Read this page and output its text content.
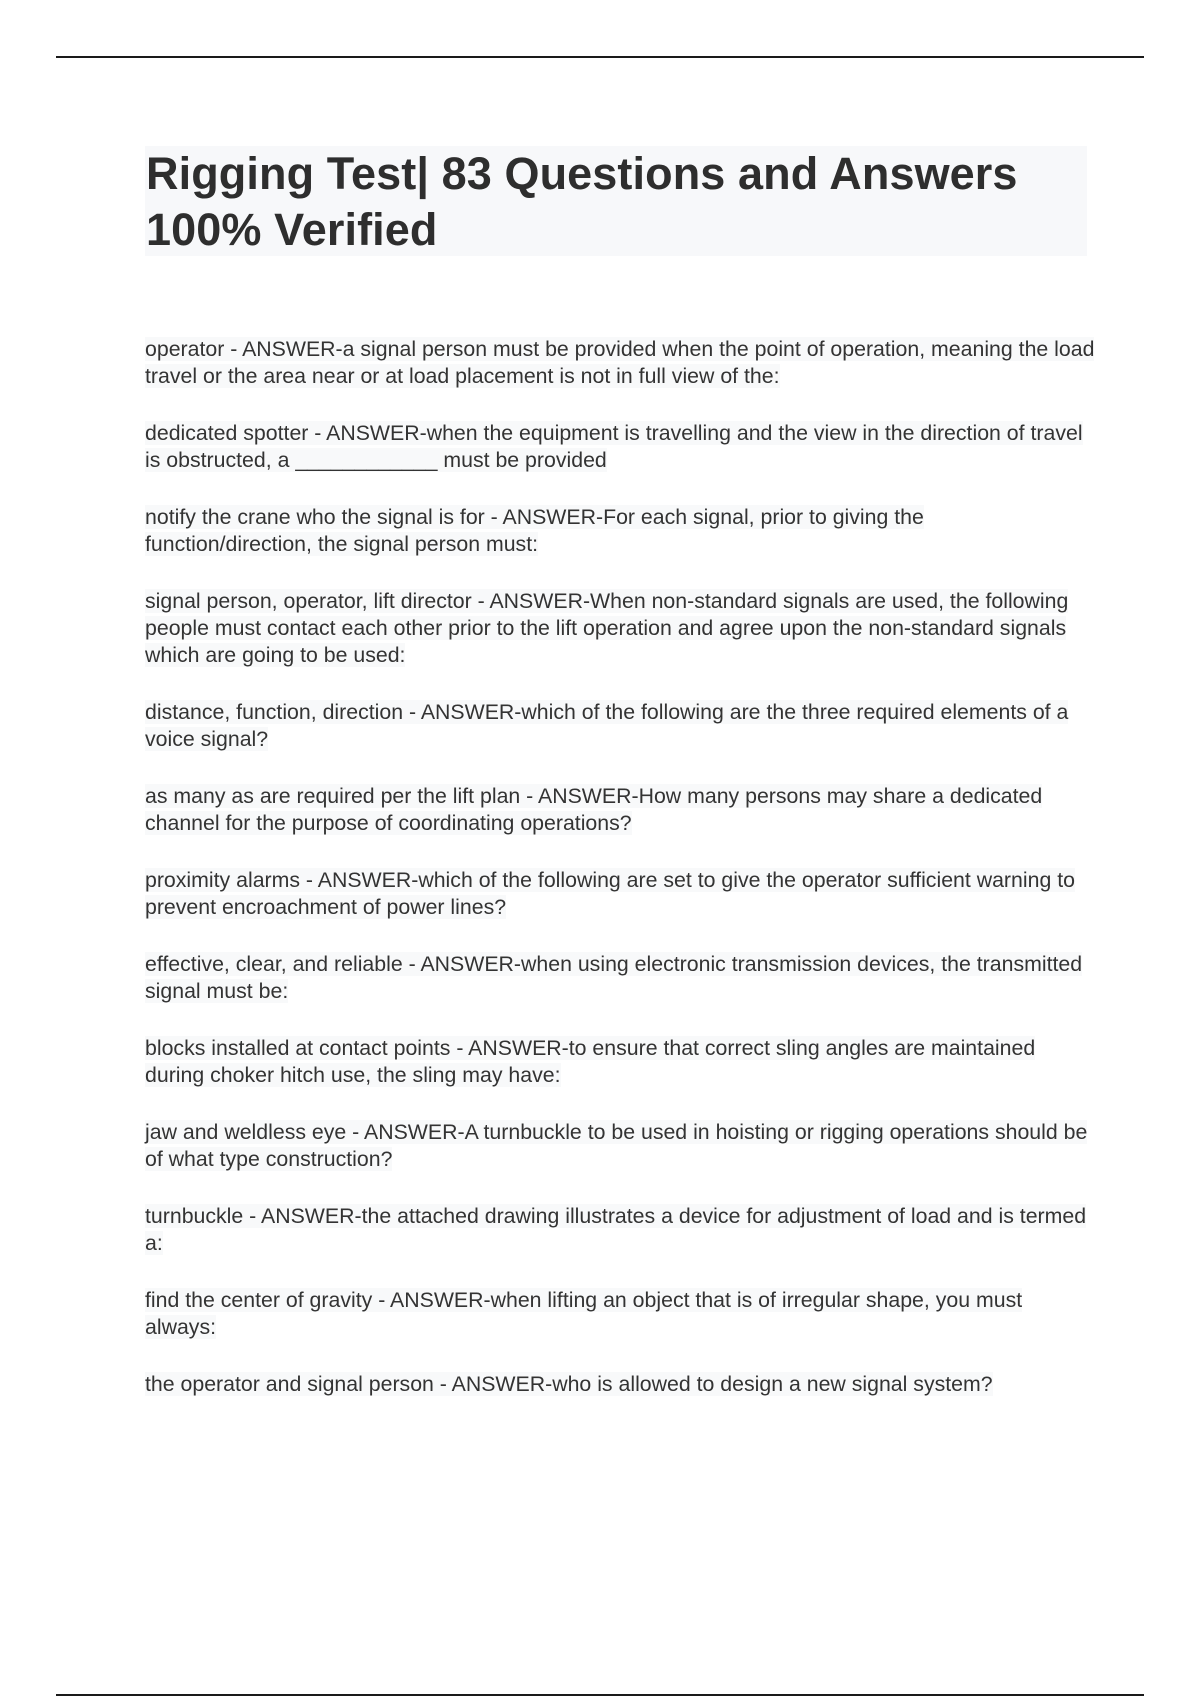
Rigging Test| 83 Questions and Answers 100% Verified
operator - ANSWER-a signal person must be provided when the point of operation, meaning the load travel or the area near or at load placement is not in full view of the:
dedicated spotter - ANSWER-when the equipment is travelling and the view in the direction of travel is obstructed, a ____________ must be provided
notify the crane who the signal is for - ANSWER-For each signal, prior to giving the function/direction, the signal person must:
signal person, operator, lift director - ANSWER-When non-standard signals are used, the following people must contact each other prior to the lift operation and agree upon the non-standard signals which are going to be used:
distance, function, direction - ANSWER-which of the following are the three required elements of a voice signal?
as many as are required per the lift plan - ANSWER-How many persons may share a dedicated channel for the purpose of coordinating operations?
proximity alarms - ANSWER-which of the following are set to give the operator sufficient warning to prevent encroachment of power lines?
effective, clear, and reliable - ANSWER-when using electronic transmission devices, the transmitted signal must be:
blocks installed at contact points - ANSWER-to ensure that correct sling angles are maintained during choker hitch use, the sling may have:
jaw and weldless eye - ANSWER-A turnbuckle to be used in hoisting or rigging operations should be of what type construction?
turnbuckle - ANSWER-the attached drawing illustrates a device for adjustment of load and is termed a:
find the center of gravity - ANSWER-when lifting an object that is of irregular shape, you must always:
the operator and signal person - ANSWER-who is allowed to design a new signal system?
